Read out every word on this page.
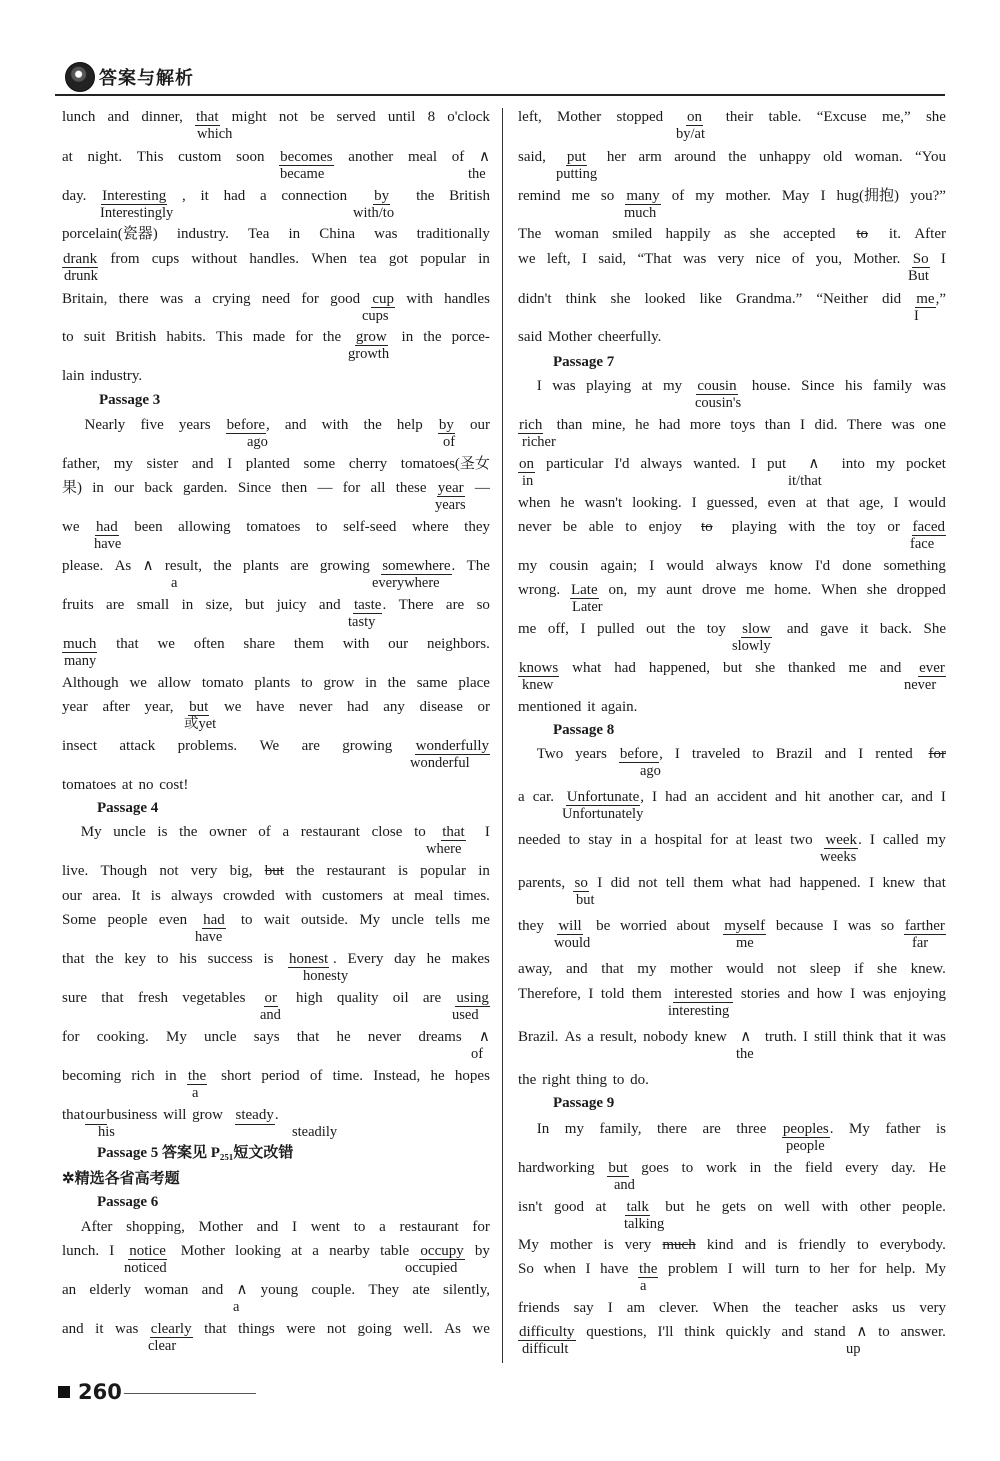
答案与解析
lunch and dinner, that might not be served until 8 o'clock
which
at night. This custom soon becomes another meal of ∧
became	the
day. Interesting , it had a connection	by	the British
Interestingly	with/to
porcelain(瓷器) industry. Tea in China was traditionally
drank from cups without handles. When tea got popular in
drunk
Britain, there was a crying need for good cup with handles
cups
to suit British habits. This made for the grow in the porce-
growth
lain industry.
Passage 3
Nearly five years before, and with the help by our
ago	of
father, my sister and I planted some cherry tomatoes(圣女
果) in our back garden. Since then — for all these year —
years
we had been allowing tomatoes to self-seed where they
have
please. As ∧ result, the plants are growing somewhere. The
a	everywhere
fruits are small in size, but juicy and taste. There are so
tasty
much that we often share them with our neighbors.
many
Although we allow tomato plants to grow in the same place
year after year, but we have never had any disease or
或yet
insect attack problems. We are growing wonderfully
wonderful
tomatoes at no cost!
Passage 4
My uncle is the owner of a restaurant close to	that	I
where
live. Though not very big, but the restaurant is popular in
our area. It is always crowded with customers at meal times.
Some people even	had	to wait outside. My uncle tells me
have
that the key to his success is	honest . Every day he makes
honesty
sure that fresh vegetables	or	high quality oil are using
and	used
for cooking. My uncle says that he never dreams ∧
of
becoming rich in the short period of time. Instead, he hopes
a
that our business will grow steady .
his	steadily
Passage 5 答案见 P₂₅₁短文改错
✲精选各省高考题
Passage 6
After shopping, Mother and I went to a restaurant for
lunch. I notice Mother looking at a nearby table occupy by
noticed	occupied
an elderly woman and ∧ young couple. They ate silently,
a
and it was clearly that things were not going well. As we
clear
left, Mother stopped	on	their table. “Excuse me,” she
by/at
said,	put	her arm around the unhappy old woman. “You
putting
remind me so many of my mother. May I hug(拥抱) you?”
much
The woman smiled happily as she accepted	to	it. After
we left, I said, “That was very nice of you, Mother. So I
But
didn't think she looked like Grandma.” “Neither did me,”
I
said Mother cheerfully.
Passage 7
I was playing at my	cousin	house. Since his family was
cousin's
rich than mine, he had more toys than I did. There was one
richer
on particular I'd always wanted. I put ∧ into my pocket
in	it/that
when he wasn't looking. I guessed, even at that age, I would
never be able to enjoy	to	playing with the toy or faced
face
my cousin again; I would always know I'd done something
wrong. Late on, my aunt drove me home. When she dropped
Later
me off, I pulled out the toy	slow	and gave it back. She
slowly
knows what had happened, but she thanked me and	ever
knew	never
mentioned it again.
Passage 8
Two years before, I traveled to Brazil and I rented for
ago
a car. Unfortunate, I had an accident and hit another car, and I
Unfortunately
needed to stay in a hospital for at least two week. I called my
weeks
parents, so I did not tell them what had happened. I knew that
but
they will be worried about myself because I was so farther
would	me	far
away, and that my mother would not sleep if she knew.
Therefore, I told them interested stories and how I was enjoying
interesting
Brazil. As a result, nobody knew ∧ truth. I still think that it was
the
the right thing to do.
Passage 9
In my family, there are three peoples. My father is
people
hardworking but goes to work in the field every day. He
and
isn't good at	talk	but he gets on well with other people.
talking
My mother is very much kind and is friendly to everybody.
So when I have the problem I will turn to her for help. My
a
friends say I am clever. When the teacher asks us very
difficulty questions, I'll think quickly and stand ∧ to answer.
difficult	up
260
